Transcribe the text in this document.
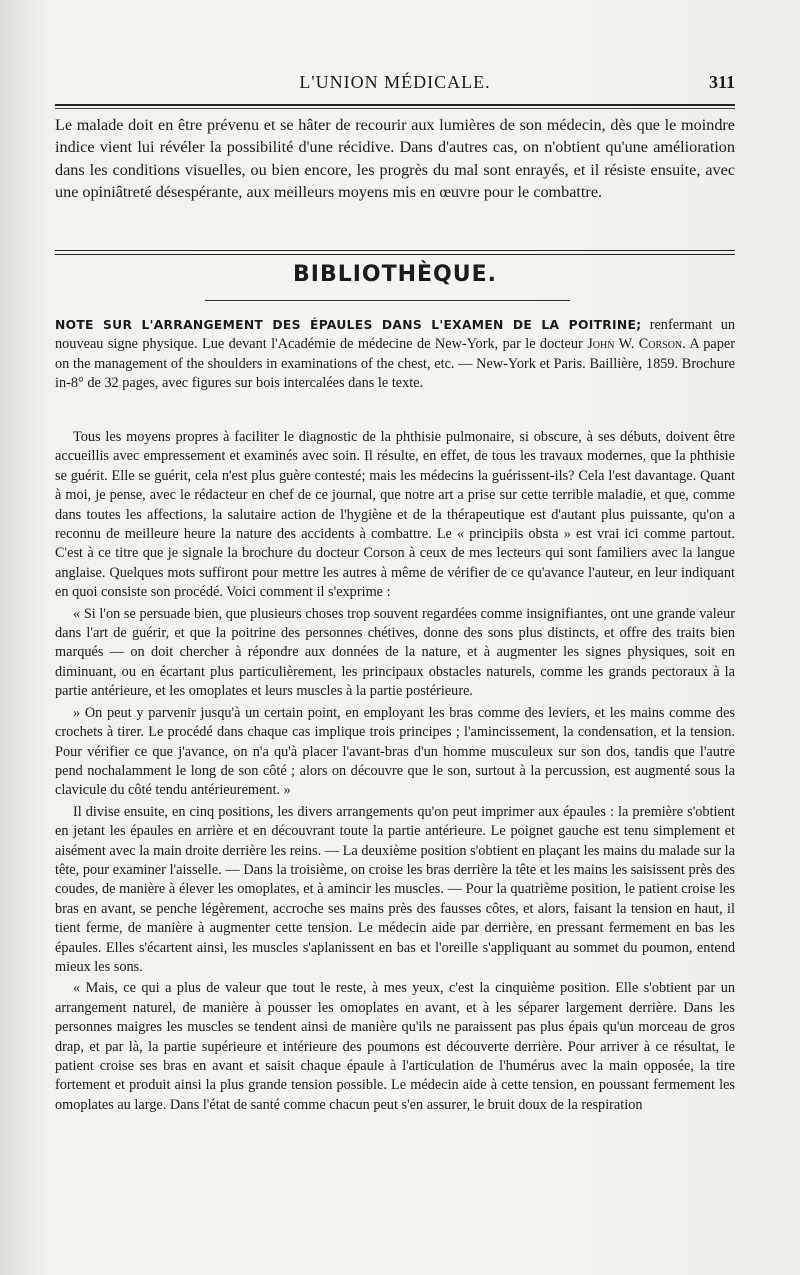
L'UNION MÉDICALE.	311

Le malade doit en être prévenu et se hâter de recourir aux lumières de son médecin, dès que le moindre indice vient lui révéler la possibilité d'une récidive. Dans d'autres cas, on n'obtient qu'une amélioration dans les conditions visuelles, ou bien encore, les progrès du mal sont enrayés, et il résiste ensuite, avec une opiniâtreté désespérante, aux meilleurs moyens mis en œuvre pour le combattre.

BIBLIOTHÈQUE.

NOTE SUR L'ARRANGEMENT DES ÉPAULES DANS L'EXAMEN DE LA POITRINE; renfermant un nouveau signe physique. Lue devant l'Académie de médecine de New-York, par le docteur John W. Corson. A paper on the management of the shoulders in examinations of the chest, etc. — New-York et Paris. Baillière, 1859. Brochure in-8° de 32 pages, avec figures sur bois intercalées dans le texte.

Tous les moyens propres à faciliter le diagnostic de la phthisie pulmonaire, si obscure, à ses débuts, doivent être accueillis avec empressement et examinés avec soin. Il résulte, en effet, de tous les travaux modernes, que la phthisie se guérit. Elle se guérit, cela n'est plus guère contesté; mais les médecins la guérissent-ils? Cela l'est davantage. Quant à moi, je pense, avec le rédacteur en chef de ce journal, que notre art a prise sur cette terrible maladie, et que, comme dans toutes les affections, la salutaire action de l'hygiène et de la thérapeutique est d'autant plus puissante, qu'on a reconnu de meilleure heure la nature des accidents à combattre. Le « principiis obsta » est vrai ici comme partout. C'est à ce titre que je signale la brochure du docteur Corson à ceux de mes lecteurs qui sont familiers avec la langue anglaise. Quelques mots suffiront pour mettre les autres à même de vérifier de ce qu'avance l'auteur, en leur indiquant en quoi consiste son procédé. Voici comment il s'exprime :

« Si l'on se persuade bien, que plusieurs choses trop souvent regardées comme insignifiantes, ont une grande valeur dans l'art de guérir, et que la poitrine des personnes chétives, donne des sons plus distincts, et offre des traits bien marqués — on doit chercher à répondre aux données de la nature, et à augmenter les signes physiques, soit en diminuant, ou en écartant plus particulièrement, les principaux obstacles naturels, comme les grands pectoraux à la partie antérieure, et les omoplates et leurs muscles à la partie postérieure.

» On peut y parvenir jusqu'à un certain point, en employant les bras comme des leviers, et les mains comme des crochets à tirer. Le procédé dans chaque cas implique trois principes ; l'amincissement, la condensation, et la tension. Pour vérifier ce que j'avance, on n'a qu'à placer l'avant-bras d'un homme musculeux sur son dos, tandis que l'autre pend nochalamment le long de son côté ; alors on découvre que le son, surtout à la percussion, est augmenté sous la clavicule du côté tendu antérieurement. »

Il divise ensuite, en cinq positions, les divers arrangements qu'on peut imprimer aux épaules : la première s'obtient en jetant les épaules en arrière et en découvrant toute la partie antérieure. Le poignet gauche est tenu simplement et aisément avec la main droite derrière les reins. — La deuxième position s'obtient en plaçant les mains du malade sur la tête, pour examiner l'aisselle. — Dans la troisième, on croise les bras derrière la tête et les mains les saisissent près des coudes, de manière à élever les omoplates, et à amincir les muscles. — Pour la quatrième position, le patient croise les bras en avant, se penche légèrement, accroche ses mains près des fausses côtes, et alors, faisant la tension en haut, il tient ferme, de manière à augmenter cette tension. Le médecin aide par derrière, en pressant fermement en bas les épaules. Elles s'écartent ainsi, les muscles s'aplanissent en bas et l'oreille s'appliquant au sommet du poumon, entend mieux les sons.

« Mais, ce qui a plus de valeur que tout le reste, à mes yeux, c'est la cinquième position. Elle s'obtient par un arrangement naturel, de manière à pousser les omoplates en avant, et à les séparer largement derrière. Dans les personnes maigres les muscles se tendent ainsi de manière qu'ils ne paraissent pas plus épais qu'un morceau de gros drap, et par là, la partie supérieure et intérieure des poumons est découverte derrière. Pour arriver à ce résultat, le patient croise ses bras en avant et saisit chaque épaule à l'articulation de l'humérus avec la main opposée, la tire fortement et produit ainsi la plus grande tension possible. Le médecin aide à cette tension, en poussant fermement les omoplates au large. Dans l'état de santé comme chacun peut s'en assurer, le bruit doux de la respiration
